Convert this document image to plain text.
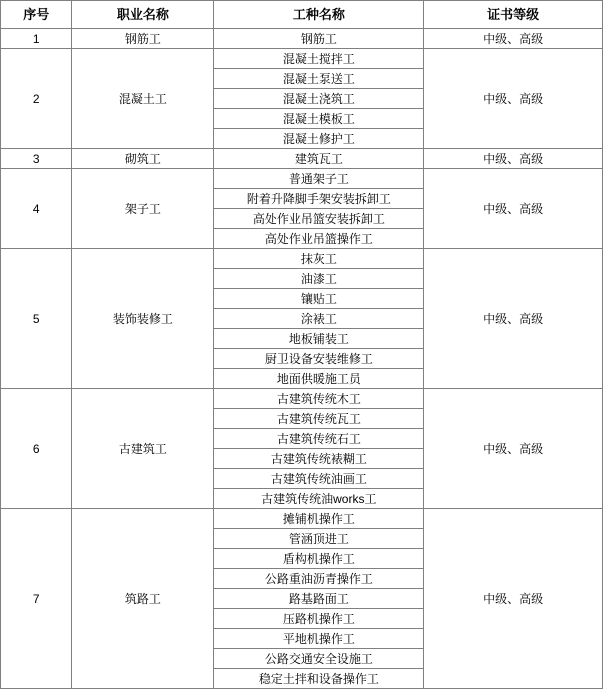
序号	职业名称	工种名称	证书等级
1	钢筋工	钢筋工	中级、高级
2	混凝土工	混凝土搅拌工	中级、高级
		混凝土泵送工	
		混凝土浇筑工	
		混凝土模板工	
		混凝土修护工	
3	砌筑工	建筑瓦工	中级、高级
4	架子工	普通架子工	中级、高级
		附着升降脚手架安装拆卸工	
		高处作业吊篮安装拆卸工	
		高处作业吊篮操作工	
5	装饰装修工	抹灰工	中级、高级
		油漆工	
		镶贴工	
		涂裱工	
		地板铺装工	
		厨卫设备安装维修工	
		地面供暖施工员	
6	古建筑工	古建筑传统木工	中级、高级
		古建筑传统瓦工	
		古建筑传统石工	
		古建筑传统裱糊工	
		古建筑传统油画工	
		古建筑传统油works工	
7	筑路工	摊铺机操作工	中级、高级
		管涵顶进工	
		盾构机操作工	
		公路重油沥青操作工	
		路基路面工	
		压路机操作工	
		平地机操作工	
		公路交通安全设施工	
		稳定土拌和设备操作工	
